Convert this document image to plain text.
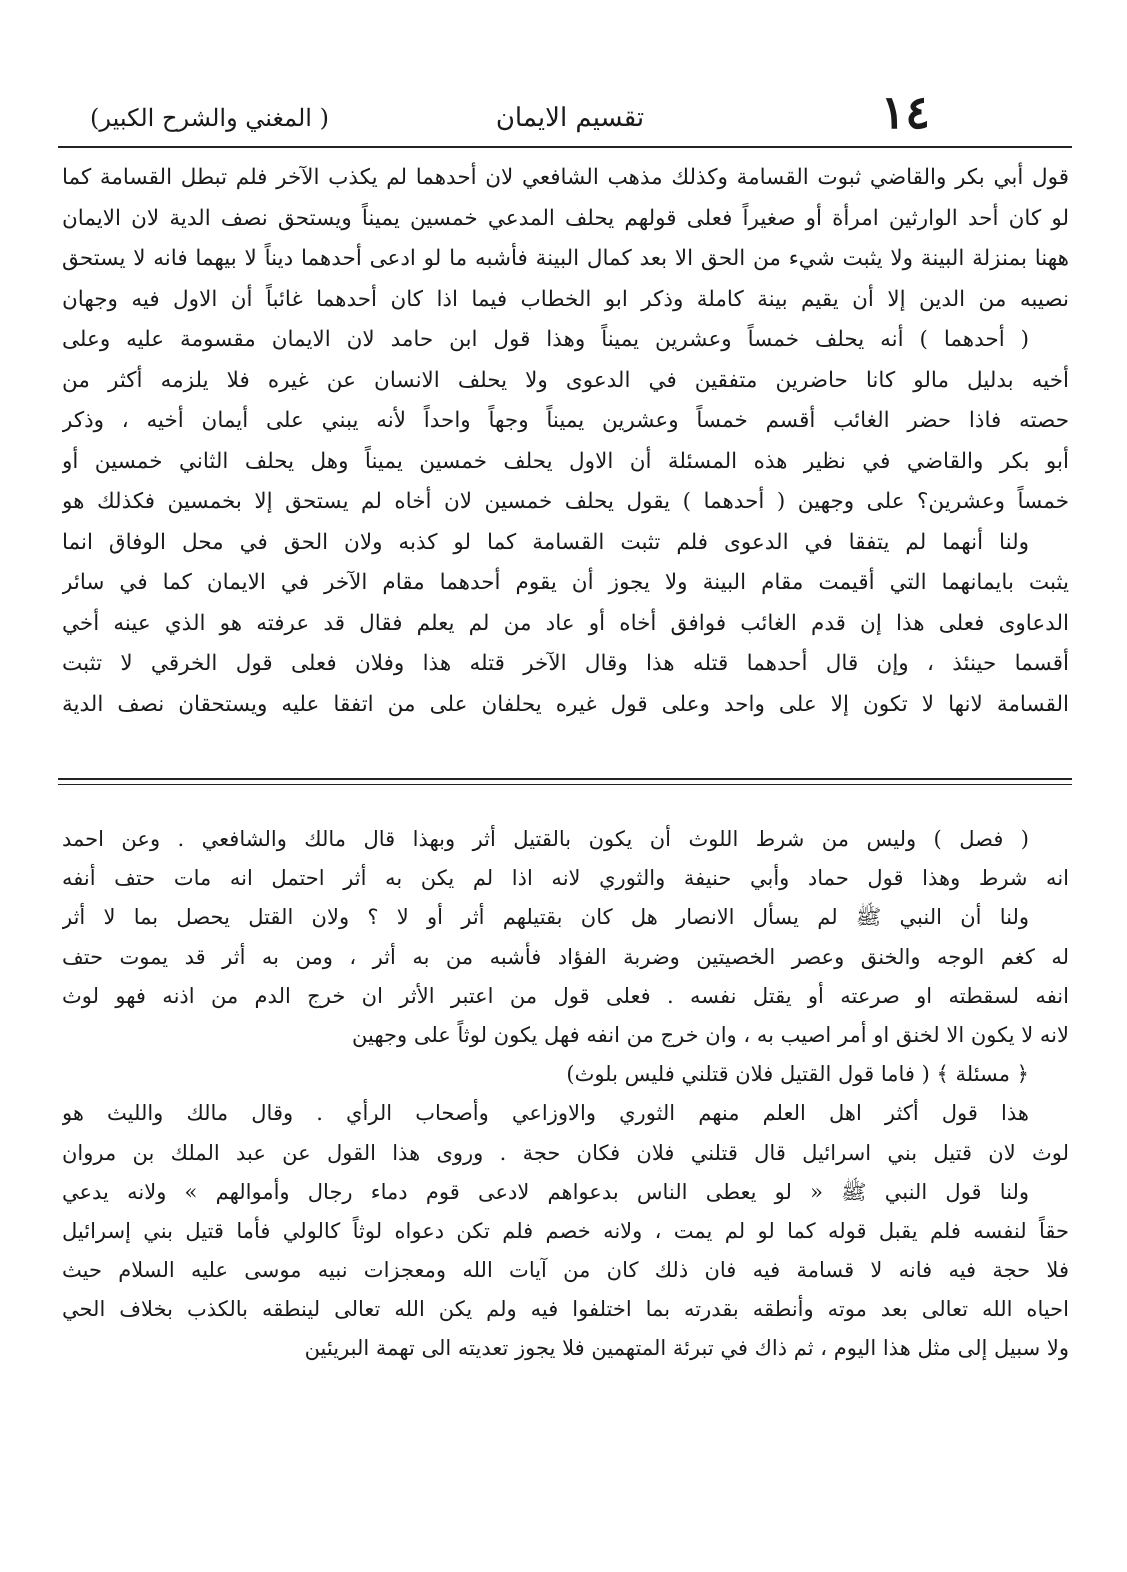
١٤
تقسيم الايمان
( المغني والشرح الكبير)
قول أبي بكر والقاضي ثبوت القسامة وكذلك مذهب الشافعي لان أحدهما لم يكذب الآخر فلم تبطل القسامة كما
لو كان أحد الوارثين امرأة أو صغيراً فعلى قولهم يحلف المدعي خمسين يميناً ويستحق نصف الدية لان الايمان
ههنا بمنزلة البينة ولا يثبت شيء من الحق الا بعد كمال البينة فأشبه ما لو ادعى أحدهما ديناً لا بيهما فانه لا يستحق
نصيبه من الدين إلا أن يقيم بينة كاملة وذكر ابو الخطاب فيما اذا كان أحدهما غائباً أن الاول فيه وجهان
( أحدهما ) أنه يحلف خمساً وعشرين يميناً وهذا قول ابن حامد لان الايمان مقسومة عليه وعلى
أخيه بدليل مالو كانا حاضرين متفقين في الدعوى ولا يحلف الانسان عن غيره فلا يلزمه أكثر من
حصته فاذا حضر الغائب أقسم خمساً وعشرين يميناً وجهاً واحداً لأنه يبني على أيمان أخيه ، وذكر
أبو بكر والقاضي في نظير هذه المسئلة أن الاول يحلف خمسين يميناً وهل يحلف الثاني خمسين أو
خمساً وعشرين؟ على وجهين ( أحدهما ) يقول يحلف خمسين لان أخاه لم يستحق إلا بخمسين فكذلك هو
ولنا أنهما لم يتفقا في الدعوى فلم تثبت القسامة كما لو كذبه ولان الحق في محل الوفاق انما
يثبت بايمانهما التي أقيمت مقام البينة ولا يجوز أن يقوم أحدهما مقام الآخر في الايمان كما في سائر
الدعاوى فعلى هذا إن قدم الغائب فوافق أخاه أو عاد من لم يعلم فقال قد عرفته هو الذي عينه أخي
أقسما حينئذ ، وإن قال أحدهما قتله هذا وقال الآخر قتله هذا وفلان فعلى قول الخرقي لا تثبت
القسامة لانها لا تكون إلا على واحد وعلى قول غيره يحلفان على من اتفقا عليه ويستحقان نصف الدية
( فصل ) وليس من شرط اللوث أن يكون بالقتيل أثر وبهذا قال مالك والشافعي . وعن احمد
انه شرط وهذا قول حماد وأبي حنيفة والثوري لانه اذا لم يكن به أثر احتمل انه مات حتف أنفه
ولنا أن النبي ﷺ لم يسأل الانصار هل كان بقتيلهم أثر أو لا ؟ ولان القتل يحصل بما لا أثر
له كغم الوجه والخنق وعصر الخصيتين وضربة الفؤاد فأشبه من به أثر ، ومن به أثر قد يموت حتف
انفه لسقطته او صرعته أو يقتل نفسه . فعلى قول من اعتبر الأثر ان خرج الدم من اذنه فهو لوث
لانه لا يكون الا لخنق او أمر اصيب به ، وان خرج من انفه فهل يكون لوثاً على وجهين
﴿ مسئلة ﴾ ( فاما قول القتيل فلان قتلني فليس بلوث)
هذا قول أكثر اهل العلم منهم الثوري والاوزاعي وأصحاب الرأي . وقال مالك والليث هو
لوث لان قتيل بني اسرائيل قال قتلني فلان فكان حجة . وروى هذا القول عن عبد الملك بن مروان
ولنا قول النبي ﷺ « لو يعطى الناس بدعواهم لادعى قوم دماء رجال وأموالهم » ولانه يدعي
حقاً لنفسه فلم يقبل قوله كما لو لم يمت ، ولانه خصم فلم تكن دعواه لوثاً كالولي فأما قتيل بني إسرائيل
فلا حجة فيه فانه لا قسامة فيه فان ذلك كان من آيات الله ومعجزات نبيه موسى عليه السلام حيث
احياه الله تعالى بعد موته وأنطقه بقدرته بما اختلفوا فيه ولم يكن الله تعالى لينطقه بالكذب بخلاف الحي
ولا سبيل إلى مثل هذا اليوم ، ثم ذاك في تبرئة المتهمين فلا يجوز تعديته الى تهمة البريئين
